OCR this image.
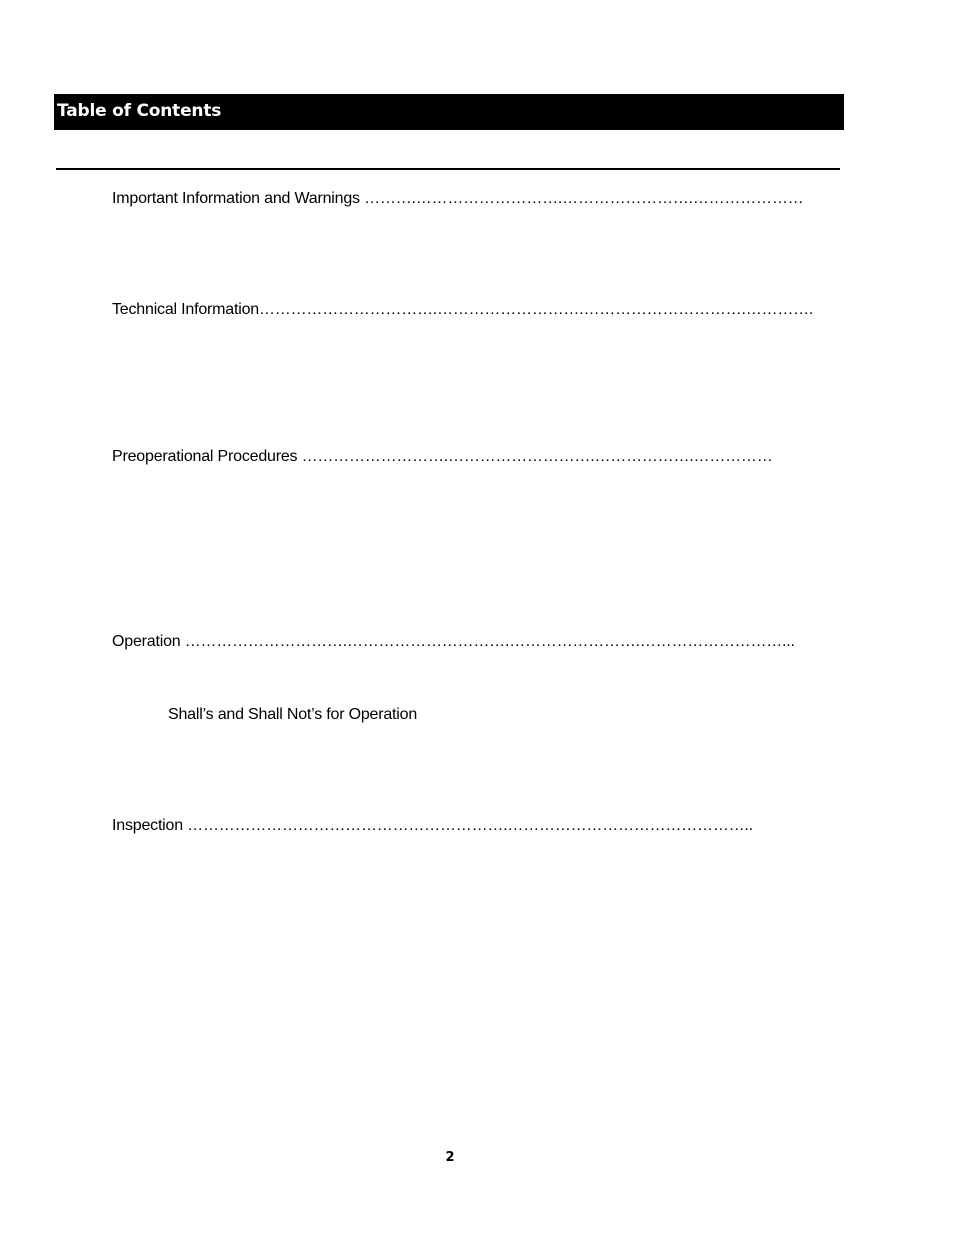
Table of Contents
Important Information and Warnings ……….……………………….…………………….…………………
Technical Information…………………………….……………………….………………………….………….
Preoperational Procedures ……………………….……………………….……………….……………
Operation ………………………….………………………….…………………….………………………...
Shall’s and Shall Not’s for Operation
Inspection …………………………………………………….………………………………………..
2
